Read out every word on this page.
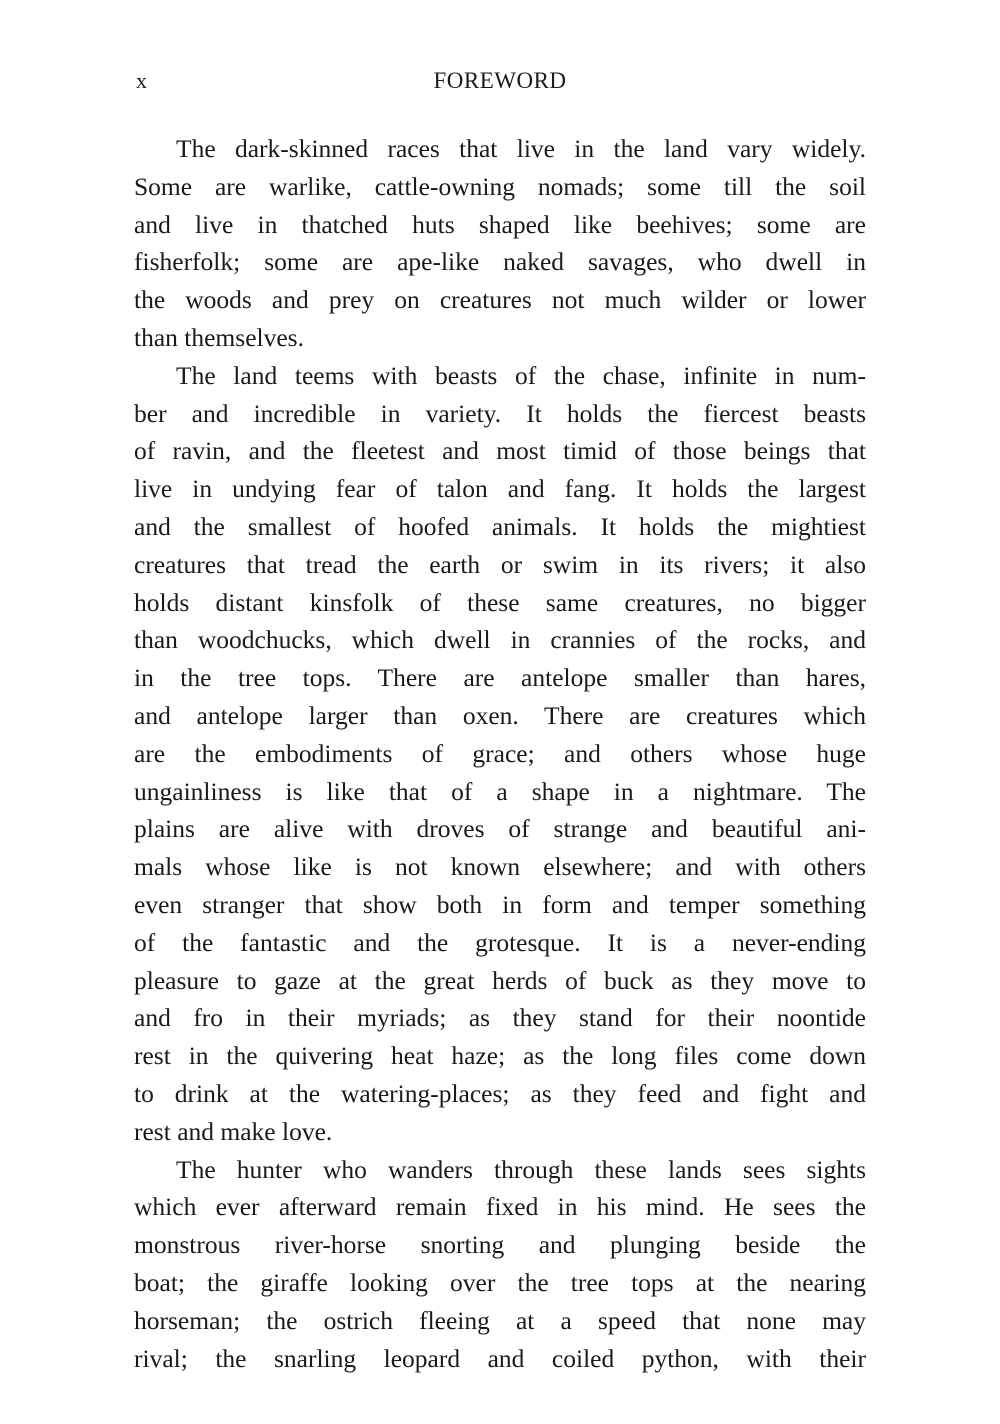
x	FOREWORD
The dark-skinned races that live in the land vary widely.
Some are warlike, cattle-owning nomads; some till the soil
and live in thatched huts shaped like beehives; some are
fisherfolk; some are ape-like naked savages, who dwell in
the woods and prey on creatures not much wilder or lower
than themselves.
The land teems with beasts of the chase, infinite in num-
ber and incredible in variety. It holds the fiercest beasts
of ravin, and the fleetest and most timid of those beings that
live in undying fear of talon and fang. It holds the largest
and the smallest of hoofed animals. It holds the mightiest
creatures that tread the earth or swim in its rivers; it also
holds distant kinsfolk of these same creatures, no bigger
than woodchucks, which dwell in crannies of the rocks, and
in the tree tops. There are antelope smaller than hares,
and antelope larger than oxen. There are creatures which
are the embodiments of grace; and others whose huge
ungainliness is like that of a shape in a nightmare. The
plains are alive with droves of strange and beautiful ani-
mals whose like is not known elsewhere; and with others
even stranger that show both in form and temper something
of the fantastic and the grotesque. It is a never-ending
pleasure to gaze at the great herds of buck as they move to
and fro in their myriads; as they stand for their noontide
rest in the quivering heat haze; as the long files come down
to drink at the watering-places; as they feed and fight and
rest and make love.
The hunter who wanders through these lands sees sights
which ever afterward remain fixed in his mind. He sees the
monstrous river-horse snorting and plunging beside the
boat; the giraffe looking over the tree tops at the nearing
horseman; the ostrich fleeing at a speed that none may
rival; the snarling leopard and coiled python, with their
